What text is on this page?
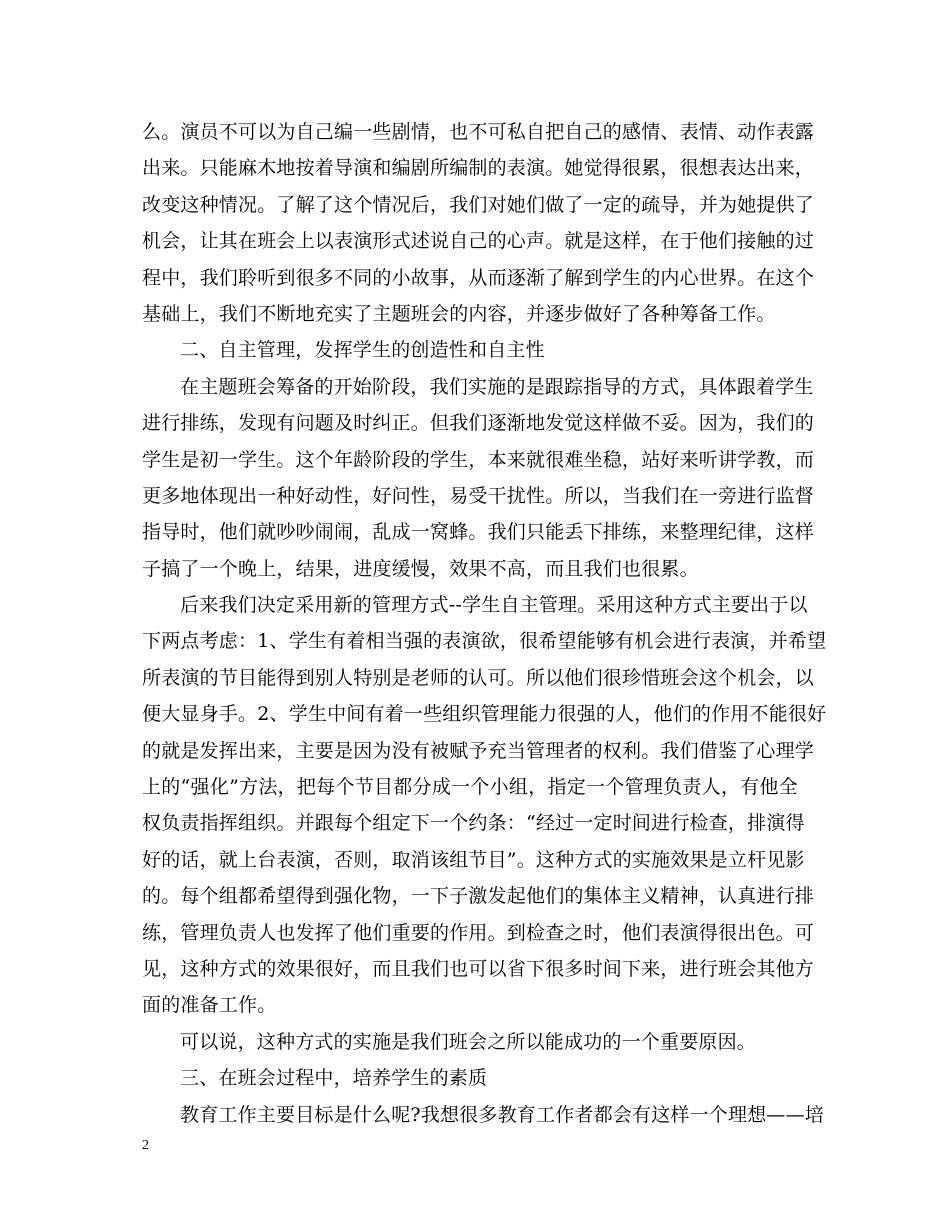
么。演员不可以为自己编一些剧情，也不可私自把自己的感情、表情、动作表露
出来。只能麻木地按着导演和编剧所编制的表演。她觉得很累，很想表达出来，
改变这种情况。了解了这个情况后，我们对她们做了一定的疏导，并为她提供了
机会，让其在班会上以表演形式述说自己的心声。就是这样，在于他们接触的过
程中，我们聆听到很多不同的小故事，从而逐渐了解到学生的内心世界。在这个
基础上，我们不断地充实了主题班会的内容，并逐步做好了各种筹备工作。
二、自主管理，发挥学生的创造性和自主性
在主题班会筹备的开始阶段，我们实施的是跟踪指导的方式，具体跟着学生
进行排练，发现有问题及时纠正。但我们逐渐地发觉这样做不妥。因为，我们的
学生是初一学生。这个年龄阶段的学生，本来就很难坐稳，站好来听讲学教，而
更多地体现出一种好动性，好问性，易受干扰性。所以，当我们在一旁进行监督
指导时，他们就吵吵闹闹，乱成一窝蜂。我们只能丢下排练，来整理纪律，这样
子搞了一个晚上，结果，进度缓慢，效果不高，而且我们也很累。
后来我们决定采用新的管理方式--学生自主管理。采用这种方式主要出于以
下两点考虑：1、学生有着相当强的表演欲，很希望能够有机会进行表演，并希望
所表演的节目能得到别人特别是老师的认可。所以他们很珍惜班会这个机会，以
便大显身手。2、学生中间有着一些组织管理能力很强的人，他们的作用不能很好
的就是发挥出来，主要是因为没有被赋予充当管理者的权利。我们借鉴了心理学
上的“强化”方法，把每个节目都分成一个小组，指定一个管理负责人，有他全
权负责指挥组织。并跟每个组定下一个约条：“经过一定时间进行检查，排演得
好的话，就上台表演，否则，取消该组节目”。这种方式的实施效果是立杆见影
的。每个组都希望得到强化物，一下子激发起他们的集体主义精神，认真进行排
练，管理负责人也发挥了他们重要的作用。到检查之时，他们表演得很出色。可
见，这种方式的效果很好，而且我们也可以省下很多时间下来，进行班会其他方
面的准备工作。
可以说，这种方式的实施是我们班会之所以能成功的一个重要原因。
三、在班会过程中，培养学生的素质
教育工作主要目标是什么呢?我想很多教育工作者都会有这样一个理想——培
2
